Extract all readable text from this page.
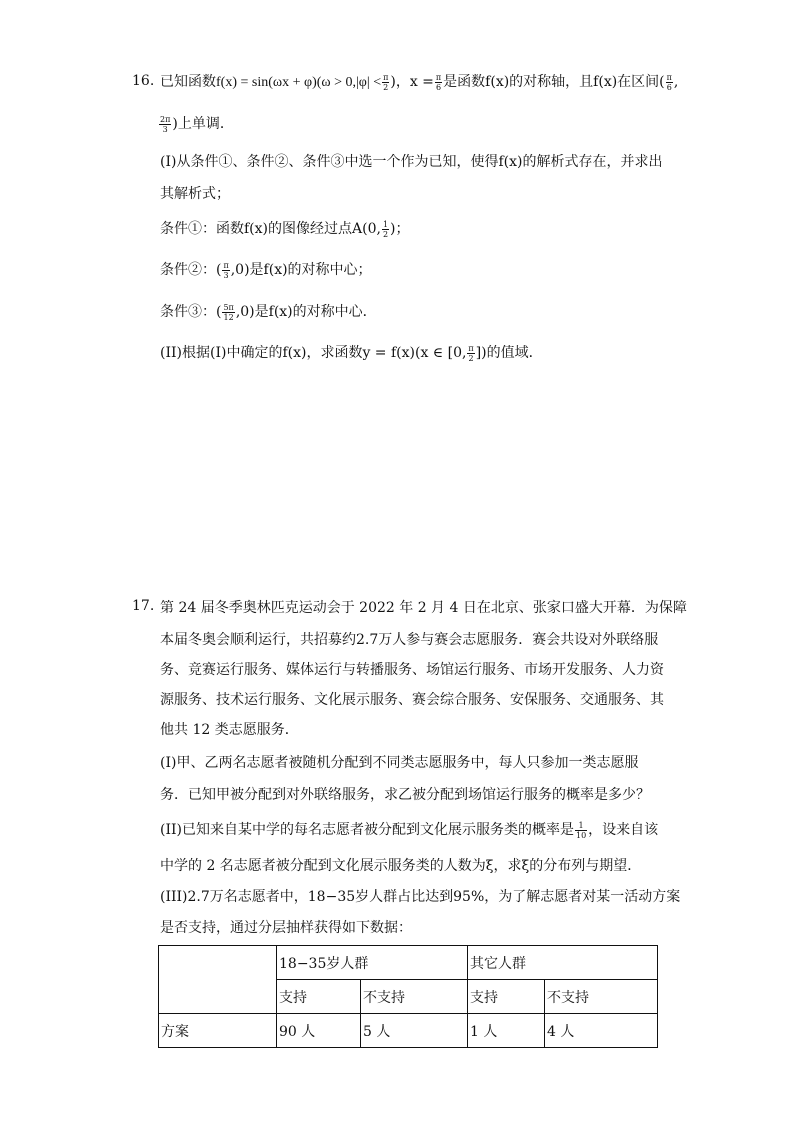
16. 已知函数$f(x) = \sin(\omega x + \varphi)(\omega > 0,|\varphi| < \frac{\pi}{2}$ )，$x = \frac{\pi}{6}$ 是函数f(x)的对称轴，且f(x)在区间( $\frac{\pi}{6}$ ,
$\frac{2\pi}{3}$ )上单调．
(I)从条件①、条件②、条件③中选一个作为已知，使得f(x)的解析式存在，并求出
其解析式；
条件①：函数f(x)的图像经过点A(0, $\frac{1}{2}$ )；
条件②：( $\frac{\pi}{3} ,0$)是f(x)的对称中心；
条件③：( $\frac{5\pi}{12} ,0$)是f(x)的对称中心．
(II)根据(I)中确定的f(x)，求函数y = f(x)(x ∈ [0, $\frac{\pi}{2}$ ])的值域．
17. 第 24 届冬季奥林匹克运动会于 2022 年 2 月 4 日在北京、张家口盛大开幕．为保障
本届冬奥会顺利运行，共招募约2.7万人参与赛会志愿服务．赛会共设对外联络服
务、竞赛运行服务、媒体运行与转播服务、场馆运行服务、市场开发服务、人力资
源服务、技术运行服务、文化展示服务、赛会综合服务、安保服务、交通服务、其
他共 12 类志愿服务．
(I)甲、乙两名志愿者被随机分配到不同类志愿服务中，每人只参加一类志愿服
务．已知甲被分配到对外联络服务，求乙被分配到场馆运行服务的概率是多少？
(II)已知来自某中学的每名志愿者被分配到文化展示服务类的概率是 $\frac{1}{10}$ ，设来自该
中学的 2 名志愿者被分配到文化展示服务类的人数为ξ，求ξ的分布列与期望．
(III)2.7万名志愿者中，18−35岁人群占比达到95%，为了解志愿者对某一活动方案
是否支持，通过分层抽样获得如下数据：
	18−35岁人群		其它人群	
	支持	不支持	支持	不支持
方案	90 人	5 人	1 人	4 人
